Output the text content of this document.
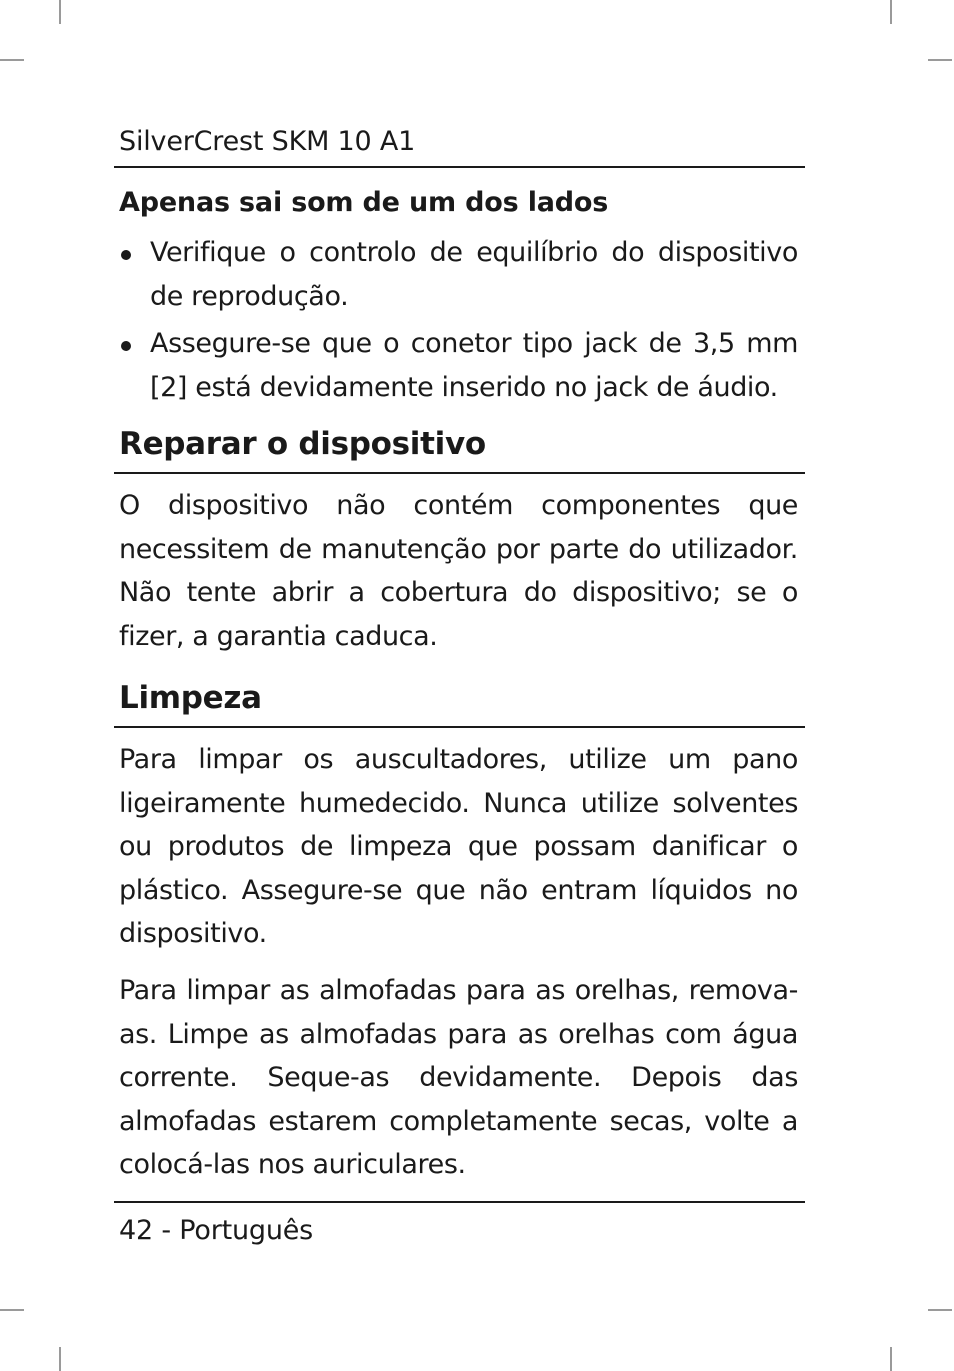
SilverCrest SKM 10 A1
Apenas sai som de um dos lados
Verifique o controlo de equilíbrio do dispositivo de reprodução.
Assegure-se que o conetor tipo jack de 3,5 mm [2] está devidamente inserido no jack de áudio.
Reparar o dispositivo
O dispositivo não contém componentes que necessitem de manutenção por parte do utilizador. Não tente abrir a cobertura do dispositivo; se o fizer, a garantia caduca.
Limpeza
Para limpar os auscultadores, utilize um pano ligeiramente humedecido. Nunca utilize solventes ou produtos de limpeza que possam danificar o plástico. Assegure-se que não entram líquidos no dispositivo.
Para limpar as almofadas para as orelhas, remova-as. Limpe as almofadas para as orelhas com água corrente. Seque-as devidamente. Depois das almofadas estarem completamente secas, volte a colocá-las nos auriculares.
42 - Português
